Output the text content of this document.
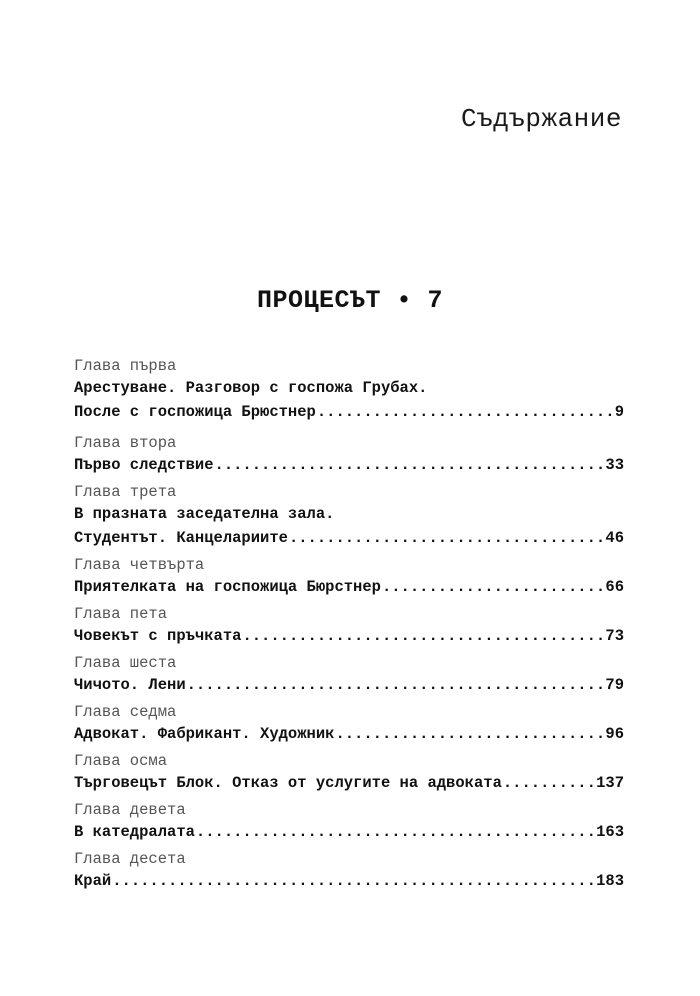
Съдържание
ПРОЦЕСЪТ • 7
Глава първа
Арестуване. Разговор с госпожа Грубах.
После с госпожица Брюстнер .....	9
Глава втора
Първо следствие .....	33
Глава трета
В празната заседателна зала.
Студентът. Канцелариите .....	46
Глава четвърта
Приятелката на госпожица Бюрстнер .....	66
Глава пета
Човекът с пръчката .....	73
Глава шеста
Чичото. Лени .....	79
Глава седма
Адвокат. Фабрикант. Художник .....	96
Глава осма
Търговецът Блок. Отказ от услугите на адвоката .....	137
Глава девета
В катедралата .....	163
Глава десета
Край .....	183
